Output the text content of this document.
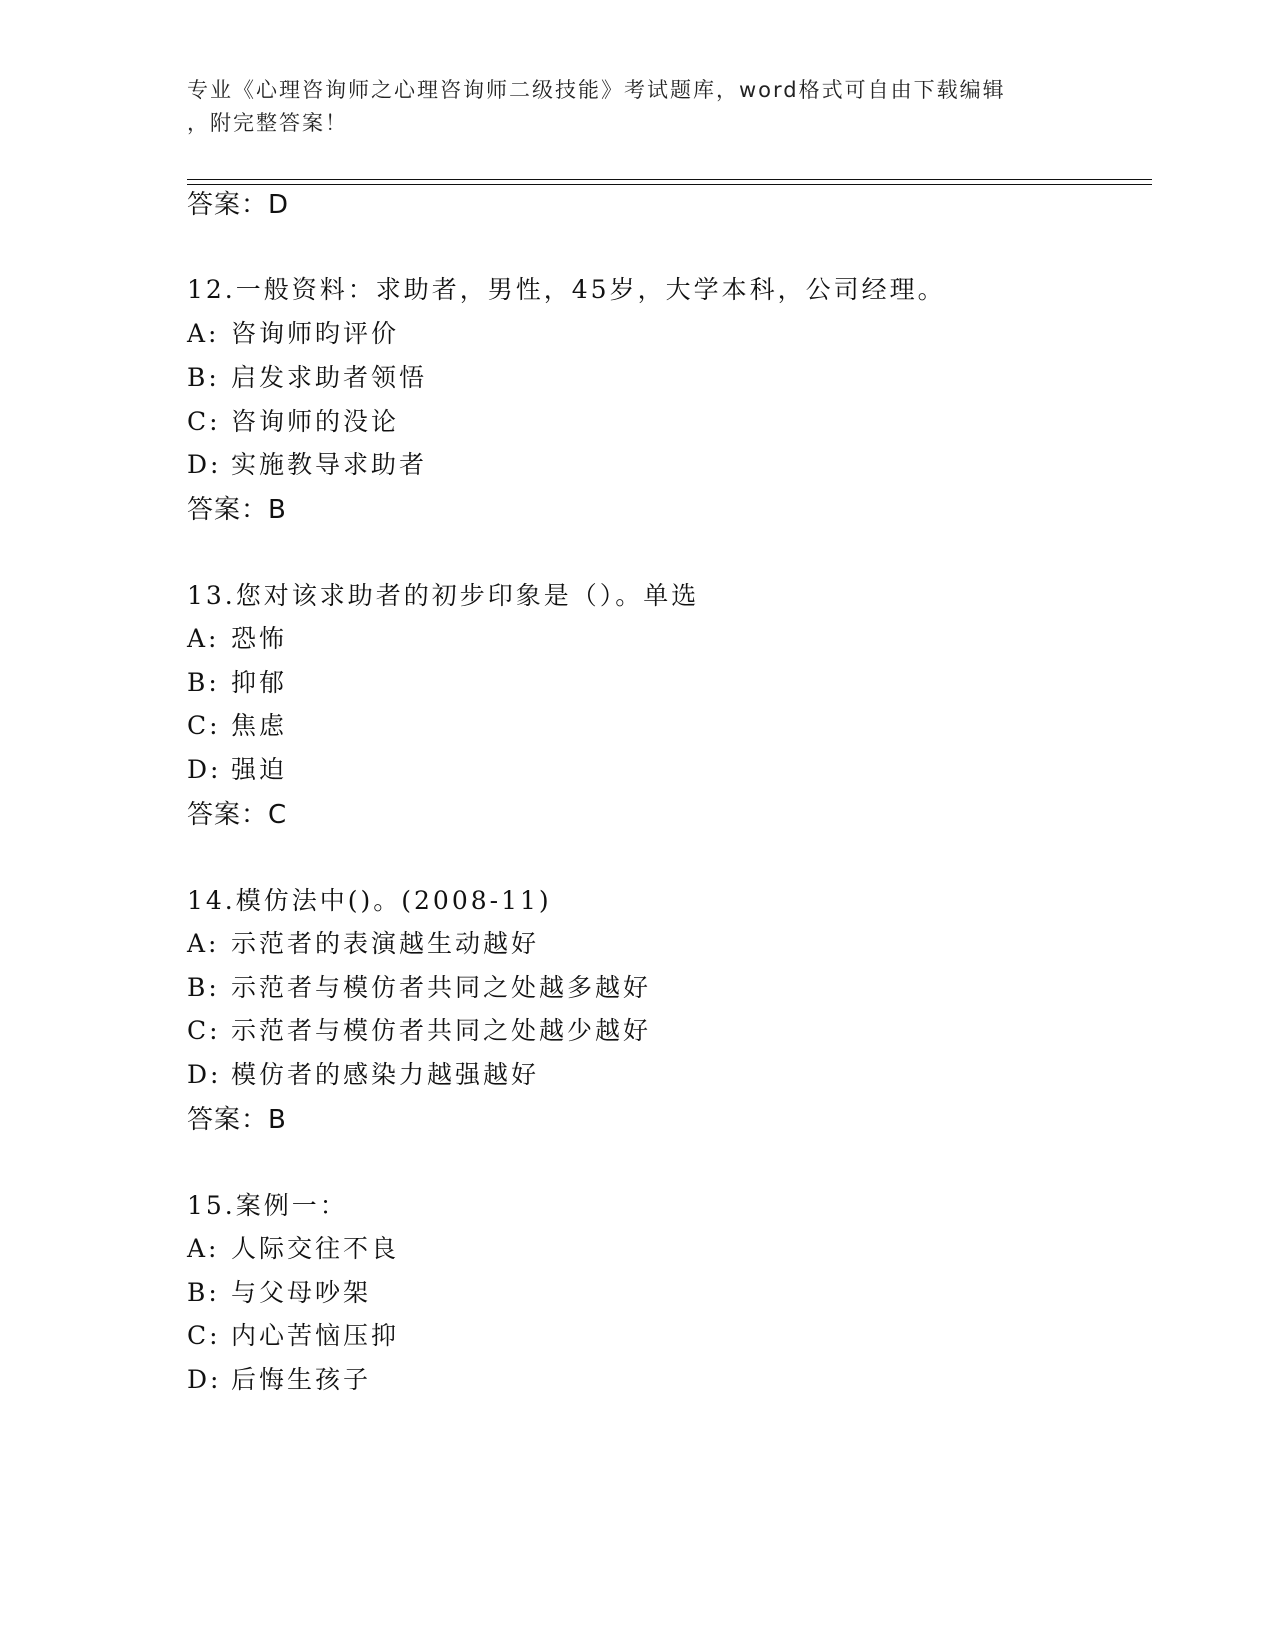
专业《心理咨询师之心理咨询师二级技能》考试题库，word格式可自由下载编辑
，附完整答案！
答案：D
12.一般资料：求助者，男性，45岁，大学本科，公司经理。
A: 咨询师昀评价
B: 启发求助者领悟
C: 咨询师的没论
D: 实施教导求助者
答案：B
13.您对该求助者的初步印象是（）。单选
A: 恐怖
B: 抑郁
C: 焦虑
D: 强迫
答案：C
14.模仿法中()。(2008-11)
A: 示范者的表演越生动越好
B: 示范者与模仿者共同之处越多越好
C: 示范者与模仿者共同之处越少越好
D: 模仿者的感染力越强越好
答案：B
15.案例一：
A: 人际交往不良
B: 与父母吵架
C: 内心苦恼压抑
D: 后悔生孩子
